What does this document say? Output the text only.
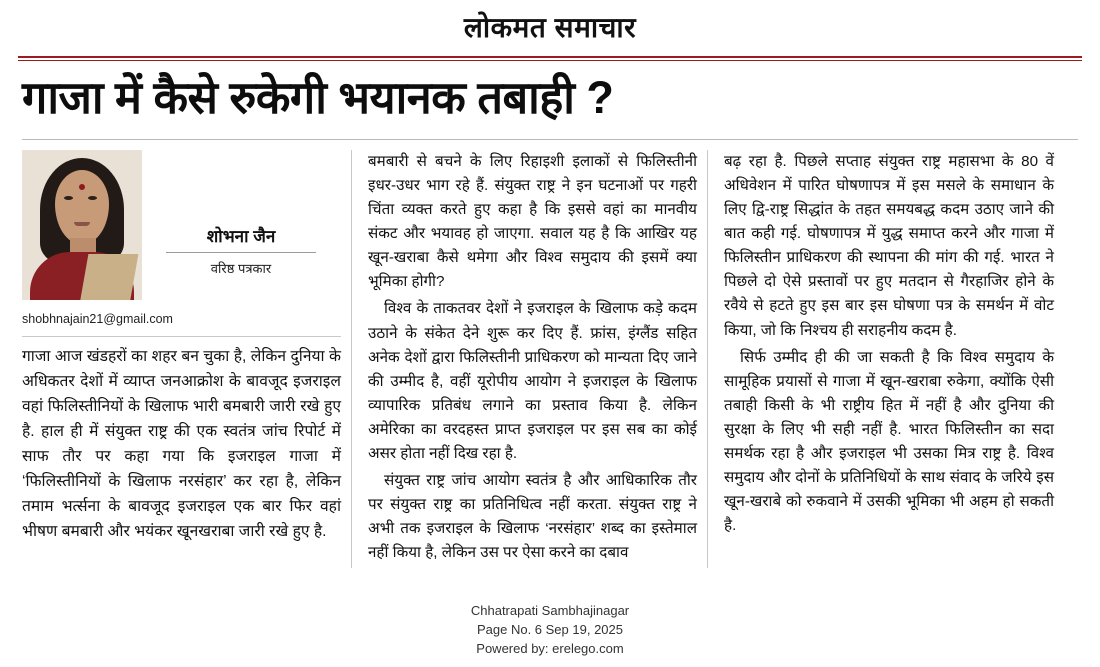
लोकमत समाचार
गाजा में कैसे रुकेगी भयानक तबाही ?
शोभना जैन
वरिष्ठ पत्रकार
shobhnajain21@gmail.com

गाजा आज खंडहरों का शहर बन चुका है, लेकिन दुनिया के अधिकतर देशों में व्याप्त जनआक्रोश के बावजूद इजराइल वहां फिलिस्तीनियों के खिलाफ भारी बमबारी जारी रखे हुए है. हाल ही में संयुक्त राष्ट्र की एक स्वतंत्र जांच रिपोर्ट में साफ तौर पर कहा गया कि इजराइल गाजा में ‘फिलिस्तीनियों के खिलाफ नरसंहार’ कर रहा है, लेकिन तमाम भर्त्सना के बावजूद इजराइल एक बार फिर वहां भीषण बमबारी और भयंकर खूनखराबा जारी रखे हुए है.

बमबारी से बचने के लिए रिहाइशी इलाकों से फिलिस्तीनी इधर-उधर भाग रहे हैं. संयुक्त राष्ट्र ने इन घटनाओं पर गहरी चिंता व्यक्त करते हुए कहा है कि इससे वहां का मानवीय संकट और भयावह हो जाएगा. सवाल यह है कि आखिर यह खून-खराबा कैसे थमेगा और विश्व समुदाय की इसमें क्या भूमिका होगी?

विश्व के ताकतवर देशों ने इजराइल के खिलाफ कड़े कदम उठाने के संकेत देने शुरू कर दिए हैं. फ्रांस, इंग्लैंड सहित अनेक देशों द्वारा फिलिस्तीनी प्राधिकरण को मान्यता दिए जाने की उम्मीद है, वहीं यूरोपीय आयोग ने इजराइल के खिलाफ व्यापारिक प्रतिबंध लगाने का प्रस्ताव किया है. लेकिन अमेरिका का वरदहस्त प्राप्त इजराइल पर इस सब का कोई असर होता नहीं दिख रहा है.

संयुक्त राष्ट्र जांच आयोग स्वतंत्र है और आधिकारिक तौर पर संयुक्त राष्ट्र का प्रतिनिधित्व नहीं करता. संयुक्त राष्ट्र ने अभी तक इजराइल के खिलाफ ‘नरसंहार’ शब्द का इस्तेमाल नहीं किया है, लेकिन उस पर ऐसा करने का दबाव

बढ़ रहा है. पिछले सप्ताह संयुक्त राष्ट्र महासभा के 80 वें अधिवेशन में पारित घोषणापत्र में इस मसले के समाधान के लिए द्वि-राष्ट्र सिद्धांत के तहत समयबद्ध कदम उठाए जाने की बात कही गई. घोषणापत्र में युद्ध समाप्त करने और गाजा में फिलिस्तीन प्राधिकरण की स्थापना की मांग की गई. भारत ने पिछले दो ऐसे प्रस्तावों पर हुए मतदान से गैरहाजिर होने के रवैये से हटते हुए इस बार इस घोषणा पत्र के समर्थन में वोट किया, जो कि निश्चय ही सराहनीय कदम है.

सिर्फ उम्मीद ही की जा सकती है कि विश्व समुदाय के सामूहिक प्रयासों से गाजा में खून-खराबा रुकेगा, क्योंकि ऐसी तबाही किसी के भी राष्ट्रीय हित में नहीं है और दुनिया की सुरक्षा के लिए भी सही नहीं है. भारत फिलिस्तीन का सदा समर्थक रहा है और इजराइल भी उसका मित्र राष्ट्र है. विश्व समुदाय और दोनों के प्रतिनिधियों के साथ संवाद के जरिये इस खून-खराबे को रुकवाने में उसकी भूमिका भी अहम हो सकती है.

Chhatrapati Sambhajinagar
Page No. 6 Sep 19, 2025
Powered by: erelego.com
